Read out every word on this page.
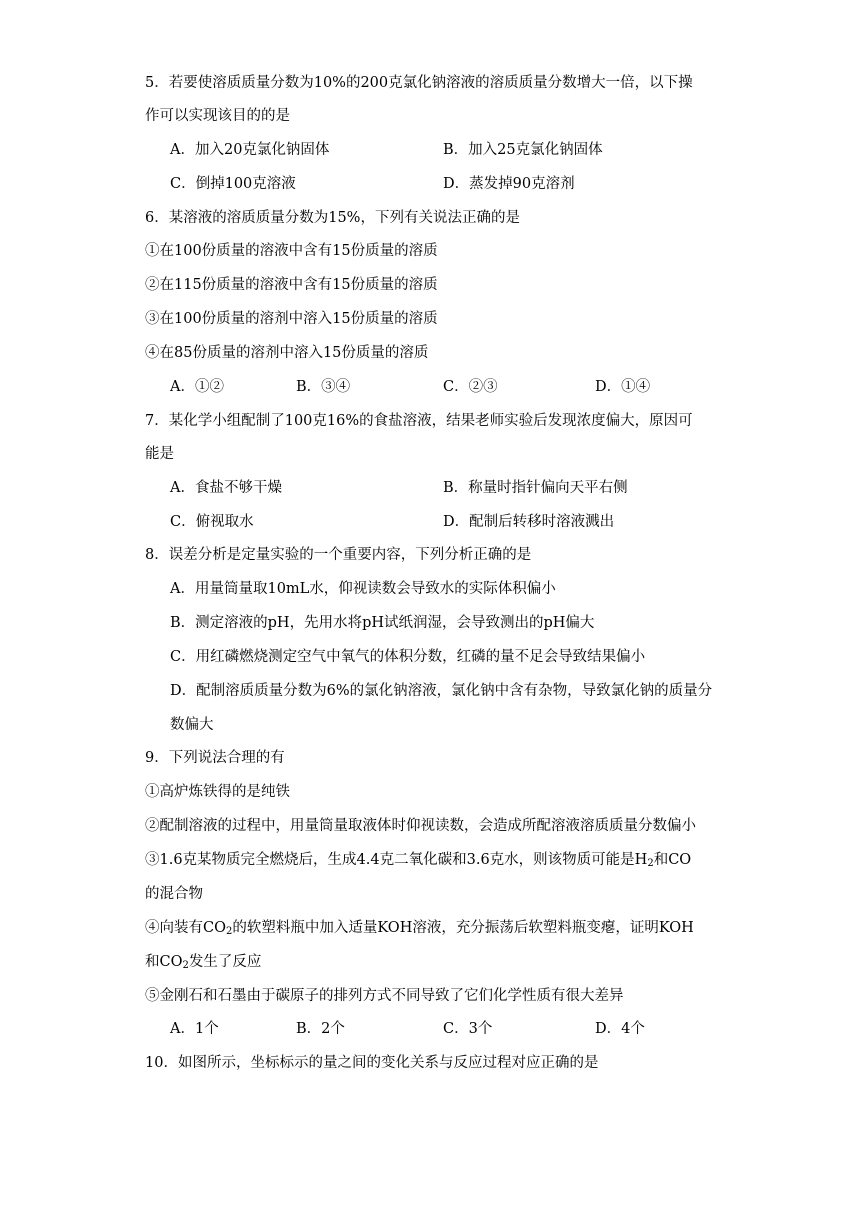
5．若要使溶质质量分数为10%的200克氯化钠溶液的溶质质量分数增大一倍，以下操
作可以实现该目的的是
A．加入20克氯化钠固体	B．加入25克氯化钠固体
C．倒掉100克溶液	D．蒸发掉90克溶剂
6．某溶液的溶质质量分数为15%，下列有关说法正确的是
①在100份质量的溶液中含有15份质量的溶质
②在115份质量的溶液中含有15份质量的溶质
③在100份质量的溶剂中溶入15份质量的溶质
④在85份质量的溶剂中溶入15份质量的溶质
A．①②	B．③④	C．②③	D．①④
7．某化学小组配制了100克16%的食盐溶液，结果老师实验后发现浓度偏大，原因可
能是
A．食盐不够干燥	B．称量时指针偏向天平右侧
C．俯视取水	D．配制后转移时溶液溅出
8．误差分析是定量实验的一个重要内容，下列分析正确的是
A．用量筒量取10mL水，仰视读数会导致水的实际体积偏小
B．测定溶液的pH，先用水将pH试纸润湿，会导致测出的pH偏大
C．用红磷燃烧测定空气中氧气的体积分数，红磷的量不足会导致结果偏小
D．配制溶质质量分数为6%的氯化钠溶液，氯化钠中含有杂物，导致氯化钠的质量分
数偏大
9．下列说法合理的有
①高炉炼铁得的是纯铁
②配制溶液的过程中，用量筒量取液体时仰视读数，会造成所配溶液溶质质量分数偏小
③1.6克某物质完全燃烧后，生成4.4克二氧化碳和3.6克水，则该物质可能是$H_2$和CO
的混合物
④向装有$CO_2$的软塑料瓶中加入适量KOH溶液，充分振荡后软塑料瓶变瘪，证明KOH
和$CO_2$发生了反应
⑤金刚石和石墨由于碳原子的排列方式不同导致了它们化学性质有很大差异
A．1个	B．2个	C．3个	D．4个
10．如图所示，坐标标示的量之间的变化关系与反应过程对应正确的是
